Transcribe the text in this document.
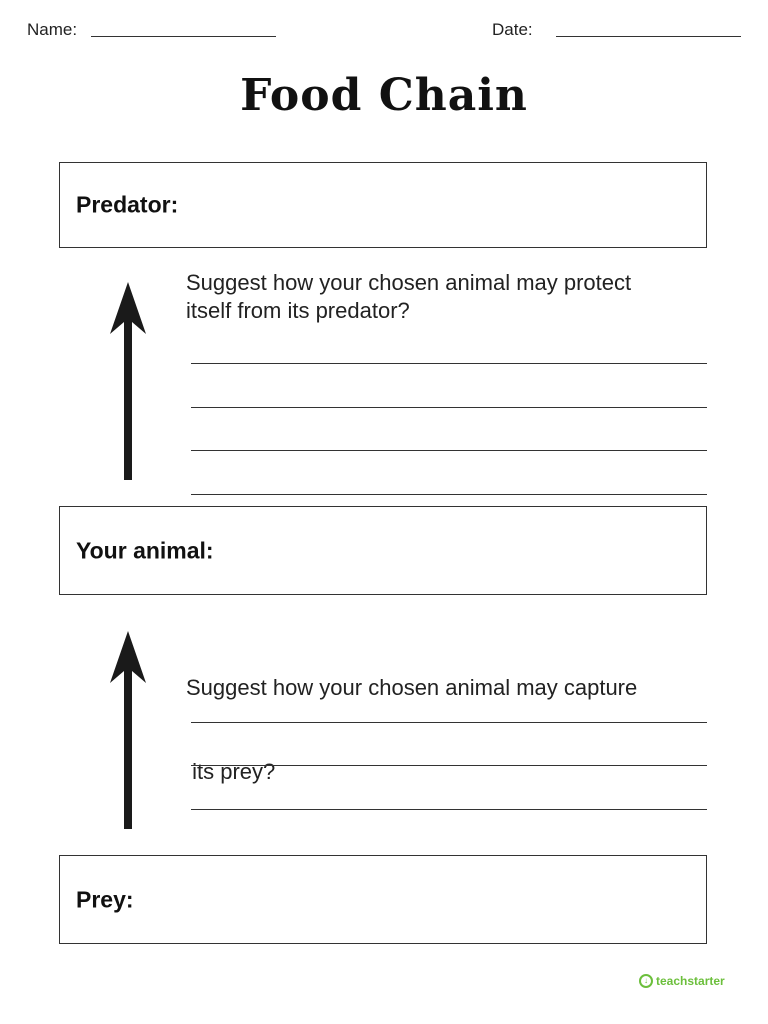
Name:	Date:
Food Chain
Predator:
Suggest how your chosen animal may protect
itself from its predator?
Your animal:

Suggest how your chosen animal may capture

its prey?

Prey:
↓ teachstarter
